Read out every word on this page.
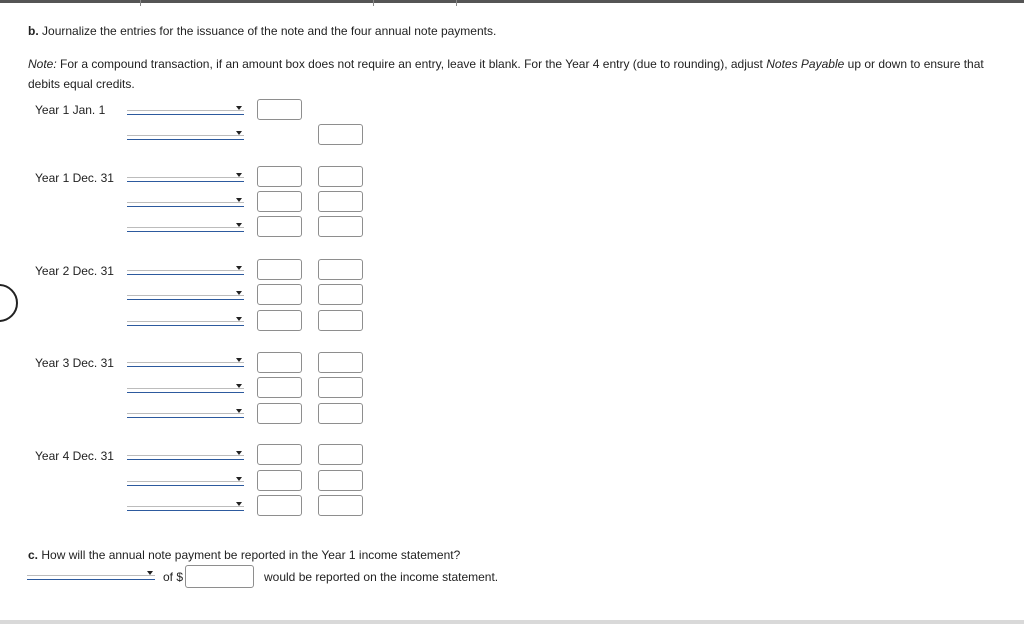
b. Journalize the entries for the issuance of the note and the four annual note payments.
Note: For a compound transaction, if an amount box does not require an entry, leave it blank. For the Year 4 entry (due to rounding), adjust Notes Payable up or down to ensure that debits equal credits.
Year 1 Jan. 1
Year 1 Dec. 31
Year 2 Dec. 31
Year 3 Dec. 31
Year 4 Dec. 31
c. How will the annual note payment be reported in the Year 1 income statement?
of $	would be reported on the income statement.
